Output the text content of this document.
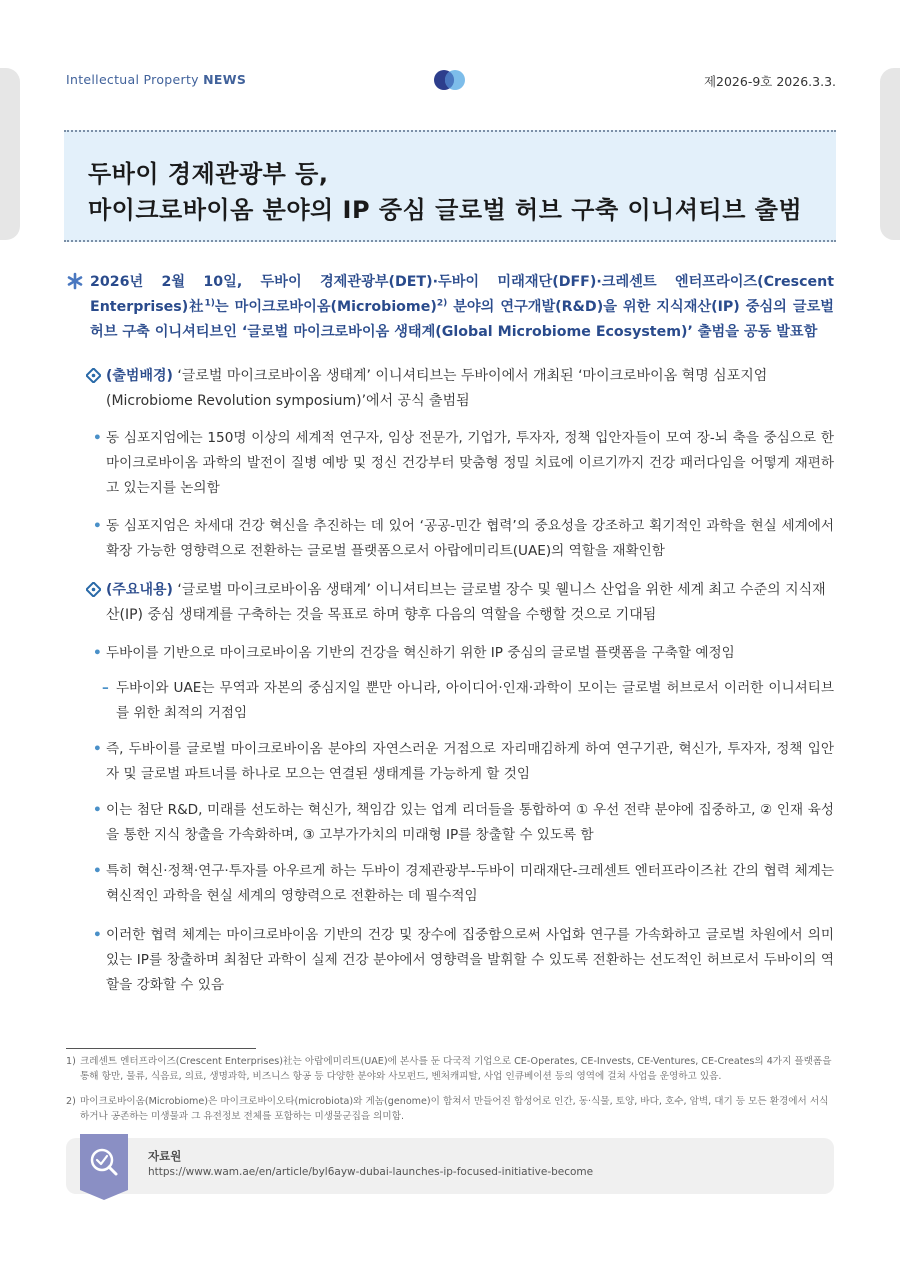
Intellectual Property NEWS	제2026-9호 2026.3.3.
두바이 경제관광부 등,
마이크로바이옴 분야의 IP 중심 글로벌 허브 구축 이니셔티브 출범
2026년 2월 10일, 두바이 경제관광부(DET)·두바이 미래재단(DFF)·크레센트 엔터프라이즈(Crescent Enterprises)社$^{1)}$는 마이크로바이옴(Microbiome)$^{2)}$ 분야의 연구개발(R&D)을 위한 지식재산(IP) 중심의 글로벌 허브 구축 이니셔티브인 ‘글로벌 마이크로바이옴 생태계(Global Microbiome Ecosystem)’ 출범을 공동 발표함
(출범배경) ‘글로벌 마이크로바이옴 생태계’ 이니셔티브는 두바이에서 개최된 ‘마이크로바이옴 혁명 심포지엄(Microbiome Revolution symposium)’에서 공식 출범됨
• 동 심포지엄에는 150명 이상의 세계적 연구자, 임상 전문가, 기업가, 투자자, 정책 입안자들이 모여 장-뇌 축을 중심으로 한 마이크로바이옴 과학의 발전이 질병 예방 및 정신 건강부터 맞춤형 정밀 치료에 이르기까지 건강 패러다임을 어떻게 재편하고 있는지를 논의함
• 동 심포지엄은 차세대 건강 혁신을 추진하는 데 있어 ‘공공-민간 협력’의 중요성을 강조하고 획기적인 과학을 현실 세계에서 확장 가능한 영향력으로 전환하는 글로벌 플랫폼으로서 아랍에미리트(UAE)의 역할을 재확인함
(주요내용) ‘글로벌 마이크로바이옴 생태계’ 이니셔티브는 글로벌 장수 및 웰니스 산업을 위한 세계 최고 수준의 지식재산(IP) 중심 생태계를 구축하는 것을 목표로 하며 향후 다음의 역할을 수행할 것으로 기대됨
• 두바이를 기반으로 마이크로바이옴 기반의 건강을 혁신하기 위한 IP 중심의 글로벌 플랫폼을 구축할 예정임
– 두바이와 UAE는 무역과 자본의 중심지일 뿐만 아니라, 아이디어·인재·과학이 모이는 글로벌 허브로서 이러한 이니셔티브를 위한 최적의 거점임
• 즉, 두바이를 글로벌 마이크로바이옴 분야의 자연스러운 거점으로 자리매김하게 하여 연구기관, 혁신가, 투자자, 정책 입안자 및 글로벌 파트너를 하나로 모으는 연결된 생태계를 가능하게 할 것임
• 이는 첨단 R&D, 미래를 선도하는 혁신가, 책임감 있는 업계 리더들을 통합하여 ① 우선 전략 분야에 집중하고, ② 인재 육성을 통한 지식 창출을 가속화하며, ③ 고부가가치의 미래형 IP를 창출할 수 있도록 함
• 특히 혁신·정책·연구·투자를 아우르게 하는 두바이 경제관광부-두바이 미래재단-크레센트 엔터프라이즈社 간의 협력 체계는 혁신적인 과학을 현실 세계의 영향력으로 전환하는 데 필수적임
• 이러한 협력 체계는 마이크로바이옴 기반의 건강 및 장수에 집중함으로써 사업화 연구를 가속화하고 글로벌 차원에서 의미 있는 IP를 창출하며 최첨단 과학이 실제 건강 분야에서 영향력을 발휘할 수 있도록 전환하는 선도적인 허브로서 두바이의 역할을 강화할 수 있음
1) 크레센트 엔터프라이즈(Crescent Enterprises)社는 아랍에미리트(UAE)에 본사를 둔 다국적 기업으로 CE-Operates, CE-Invests, CE-Ventures, CE-Creates의 4가지 플랫폼을 통해 항만, 물류, 식음료, 의료, 생명과학, 비즈니스 항공 등 다양한 분야와 사모펀드, 벤처캐피탈, 사업 인큐베이션 등의 영역에 걸쳐 사업을 운영하고 있음.
2) 마이크로바이옴(Microbiome)은 마이크로바이오타(microbiota)와 게놈(genome)이 합쳐서 만들어진 합성어로 인간, 동·식물, 토양, 바다, 호수, 암벽, 대기 등 모든 환경에서 서식하거나 공존하는 미생물과 그 유전정보 전체를 포함하는 미생물군집을 의미함.
자료원
https://www.wam.ae/en/article/byl6ayw-dubai-launches-ip-focused-initiative-become
